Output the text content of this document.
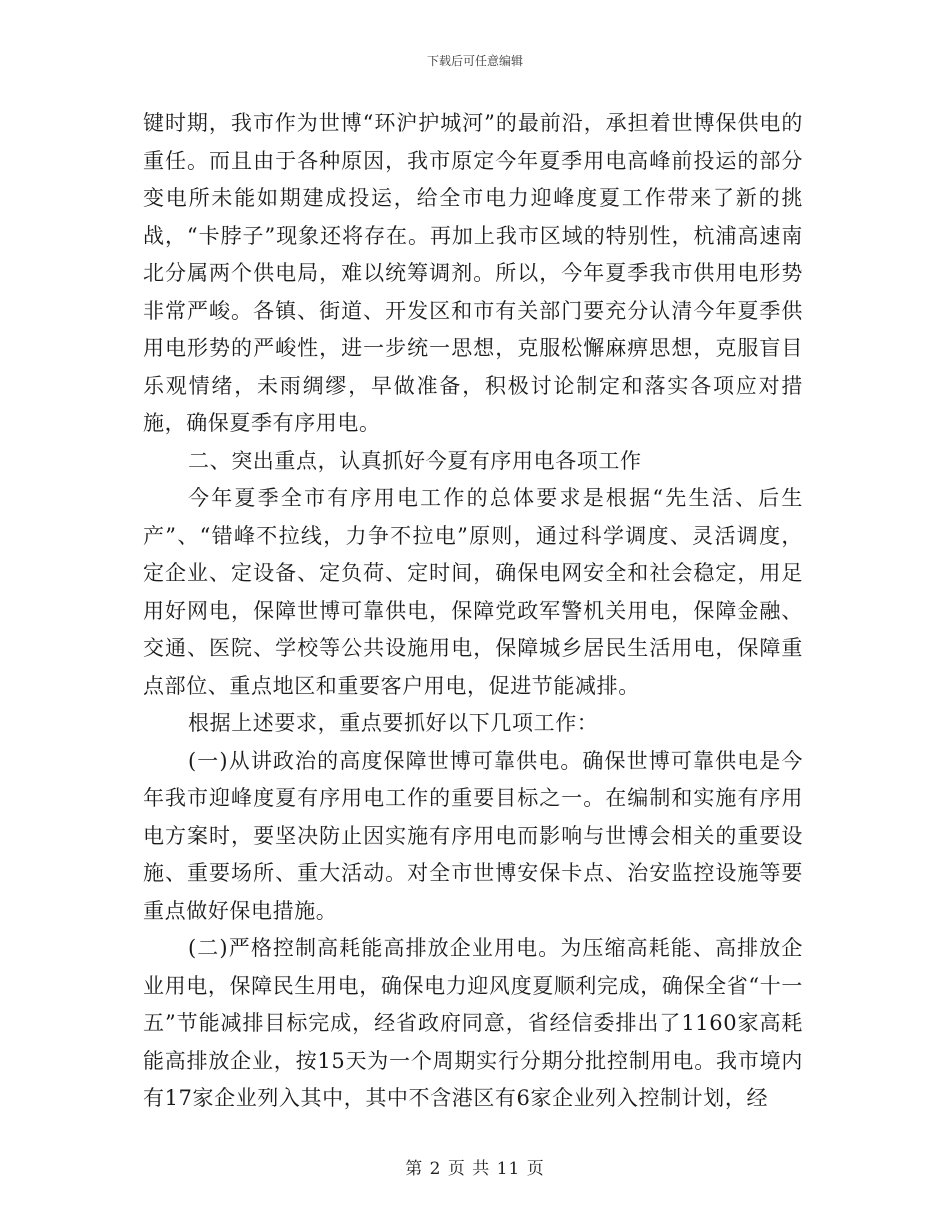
下载后可任意编辑

键时期，我市作为世博“环沪护城河”的最前沿，承担着世博保供电的重任。而且由于各种原因，我市原定今年夏季用电高峰前投运的部分变电所未能如期建成投运，给全市电力迎峰度夏工作带来了新的挑战，“卡脖子”现象还将存在。再加上我市区域的特别性，杭浦高速南北分属两个供电局，难以统筹调剂。所以，今年夏季我市供用电形势非常严峻。各镇、街道、开发区和市有关部门要充分认清今年夏季供用电形势的严峻性，进一步统一思想，克服松懈麻痹思想，克服盲目乐观情绪，未雨绸缪，早做准备，积极讨论制定和落实各项应对措施，确保夏季有序用电。

二、突出重点，认真抓好今夏有序用电各项工作

今年夏季全市有序用电工作的总体要求是根据“先生活、后生产”、“错峰不拉线，力争不拉电”原则，通过科学调度、灵活调度，定企业、定设备、定负荷、定时间，确保电网安全和社会稳定，用足用好网电，保障世博可靠供电，保障党政军警机关用电，保障金融、交通、医院、学校等公共设施用电，保障城乡居民生活用电，保障重点部位、重点地区和重要客户用电，促进节能减排。

根据上述要求，重点要抓好以下几项工作：

(一)从讲政治的高度保障世博可靠供电。确保世博可靠供电是今年我市迎峰度夏有序用电工作的重要目标之一。在编制和实施有序用电方案时，要坚决防止因实施有序用电而影响与世博会相关的重要设施、重要场所、重大活动。对全市世博安保卡点、治安监控设施等要重点做好保电措施。

(二)严格控制高耗能高排放企业用电。为压缩高耗能、高排放企业用电，保障民生用电，确保电力迎风度夏顺利完成，确保全省“十一五”节能减排目标完成，经省政府同意，省经信委排出了1160家高耗能高排放企业，按15天为一个周期实行分期分批控制用电。我市境内有17家企业列入其中，其中不含港区有6家企业列入控制计划，经

第 2 页 共 11 页
